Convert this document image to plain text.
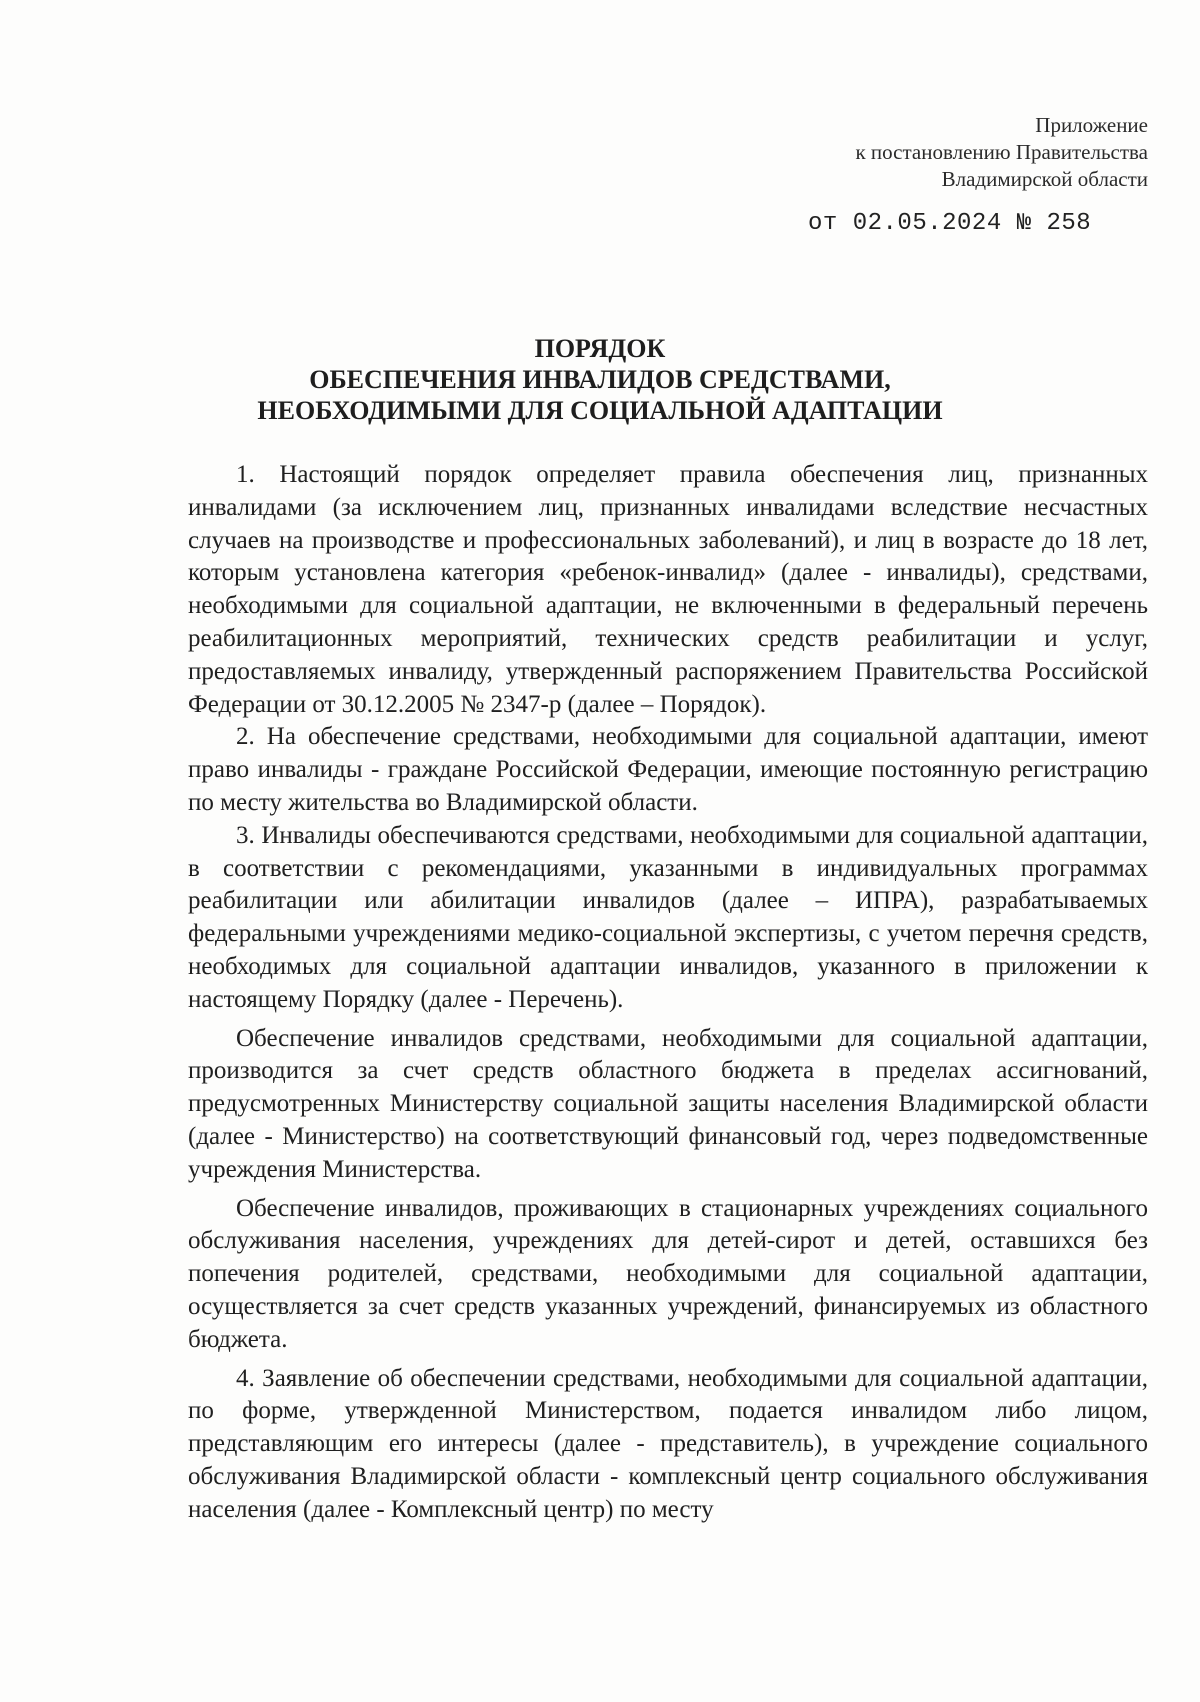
Приложение
к постановлению Правительства
Владимирской области
от 02.05.2024 № 258
ПОРЯДОК
ОБЕСПЕЧЕНИЯ ИНВАЛИДОВ СРЕДСТВАМИ,
НЕОБХОДИМЫМИ ДЛЯ СОЦИАЛЬНОЙ АДАПТАЦИИ

1. Настоящий порядок определяет правила обеспечения лиц, признанных инвалидами (за исключением лиц, признанных инвалидами вследствие несчастных случаев на производстве и профессиональных заболеваний), и лиц в возрасте до 18 лет, которым установлена категория «ребенок-инвалид» (далее - инвалиды), средствами, необходимыми для социальной адаптации, не включенными в федеральный перечень реабилитационных мероприятий, технических средств реабилитации и услуг, предоставляемых инвалиду, утвержденный распоряжением Правительства Российской Федерации от 30.12.2005 № 2347-р (далее – Порядок).

2. На обеспечение средствами, необходимыми для социальной адаптации, имеют право инвалиды - граждане Российской Федерации, имеющие постоянную регистрацию по месту жительства во Владимирской области.

3. Инвалиды обеспечиваются средствами, необходимыми для социальной адаптации, в соответствии с рекомендациями, указанными в индивидуальных программах реабилитации или абилитации инвалидов (далее – ИПРА), разрабатываемых федеральными учреждениями медико-социальной экспертизы, с учетом перечня средств, необходимых для социальной адаптации инвалидов, указанного в приложении к настоящему Порядку (далее - Перечень).

Обеспечение инвалидов средствами, необходимыми для социальной адаптации, производится за счет средств областного бюджета в пределах ассигнований, предусмотренных Министерству социальной защиты населения Владимирской области (далее - Министерство) на соответствующий финансовый год, через подведомственные учреждения Министерства.

Обеспечение инвалидов, проживающих в стационарных учреждениях социального обслуживания населения, учреждениях для детей-сирот и детей, оставшихся без попечения родителей, средствами, необходимыми для социальной адаптации, осуществляется за счет средств указанных учреждений, финансируемых из областного бюджета.

4. Заявление об обеспечении средствами, необходимыми для социальной адаптации, по форме, утвержденной Министерством, подается инвалидом либо лицом, представляющим его интересы (далее - представитель), в учреждение социального обслуживания Владимирской области - комплексный центр социального обслуживания населения (далее - Комплексный центр) по месту
